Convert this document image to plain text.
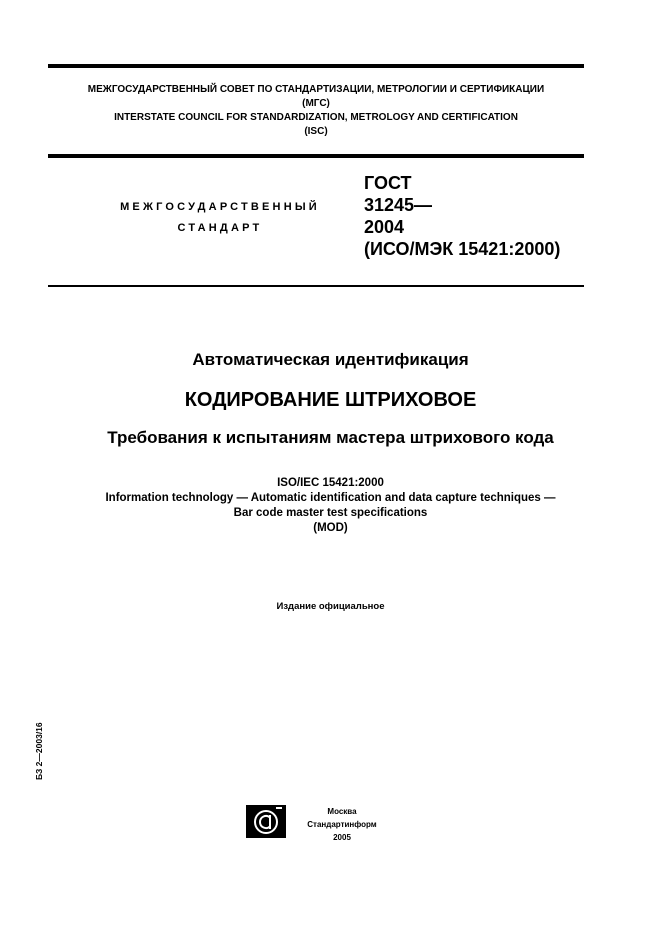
МЕЖГОСУДАРСТВЕННЫЙ СОВЕТ ПО СТАНДАРТИЗАЦИИ, МЕТРОЛОГИИ И СЕРТИФИКАЦИИ
(МГС)
INTERSTATE COUNCIL FOR STANDARDIZATION, METROLOGY AND CERTIFICATION
(ISC)
МЕЖГОСУДАРСТВЕННЫЙ
СТАНДАРТ
ГОСТ
31245—
2004
(ИСО/МЭК 15421:2000)
Автоматическая идентификация
КОДИРОВАНИЕ ШТРИХОВОЕ
Требования к испытаниям мастера штрихового кода
ISO/IEC 15421:2000
Information technology — Automatic identification and data capture techniques —
Bar code master test specifications
(MOD)
Издание официальное
БЗ 2—2003/16
Москва
Стандартинформ
2005
